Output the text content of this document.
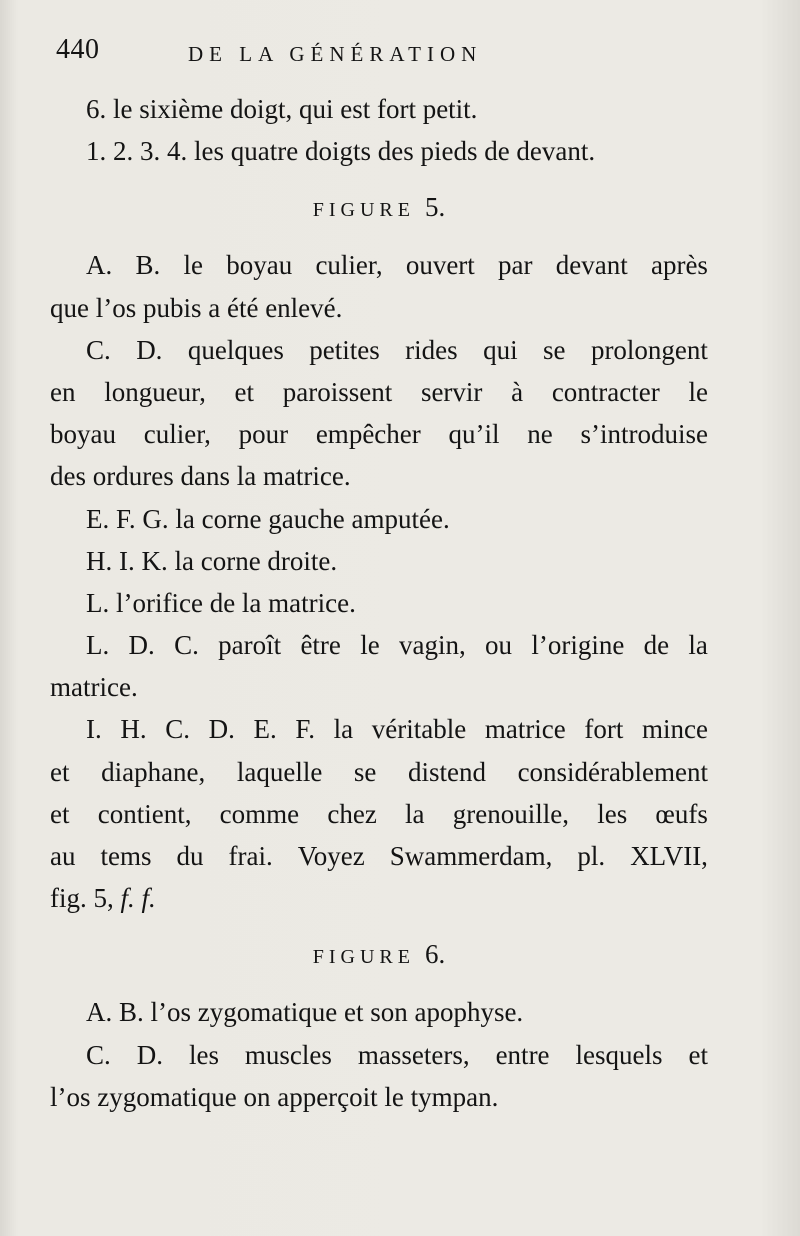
440	DE LA GÉNÉRATION
6. le sixième doigt, qui est fort petit.
1. 2. 3. 4. les quatre doigts des pieds de devant.
FIGURE 5.
A. B. le boyau culier, ouvert par devant après
que l’os pubis a été enlevé.
C. D. quelques petites rides qui se prolongent
en longueur, et paroissent servir à contracter le
boyau culier, pour empêcher qu’il ne s’introduise
des ordures dans la matrice.
E. F. G. la corne gauche amputée.
H. I. K. la corne droite.
L. l’orifice de la matrice.
L. D. C. paroît être le vagin, ou l’origine de la
matrice.
I. H. C. D. E. F. la véritable matrice fort mince
et diaphane, laquelle se distend considérablement
et contient, comme chez la grenouille, les œufs
au tems du frai. Voyez Swammerdam, pl. XLVII,
fig. 5, f. f.
FIGURE 6.
A. B. l’os zygomatique et son apophyse.
C. D. les muscles masseters, entre lesquels et
l’os zygomatique on apperçoit le tympan.
